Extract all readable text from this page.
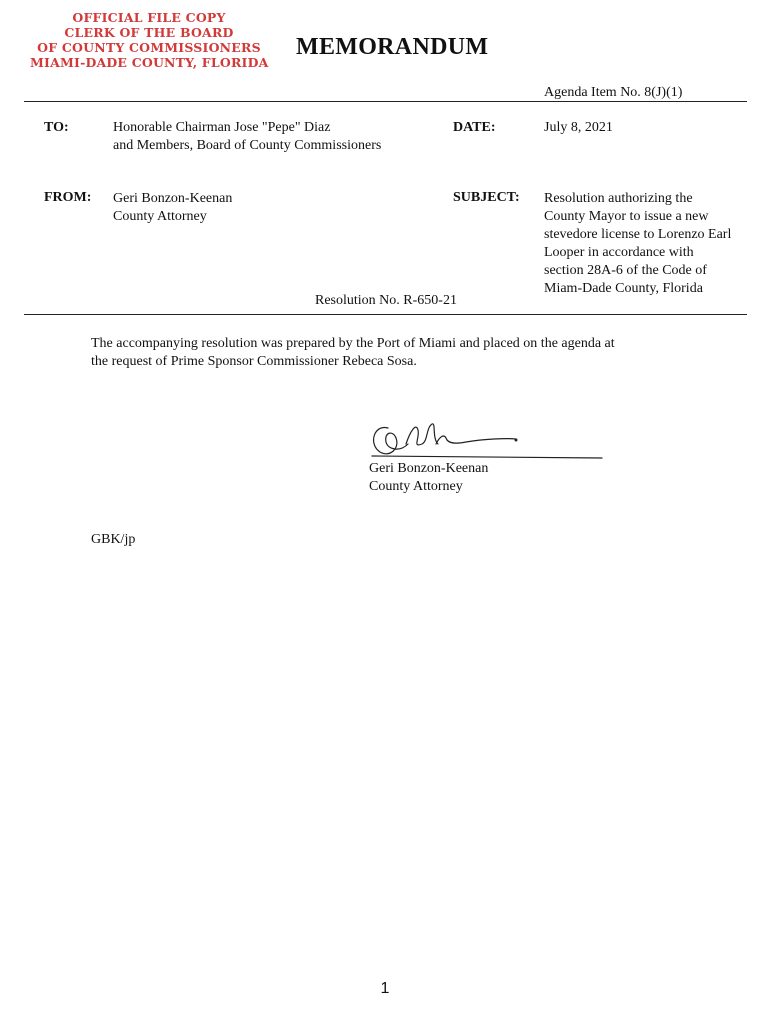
OFFICIAL FILE COPY
CLERK OF THE BOARD
OF COUNTY COMMISSIONERS
MIAMI-DADE COUNTY, FLORIDA
MEMORANDUM
Agenda Item No. 8(J)(1)
TO:	Honorable Chairman Jose "Pepe" Diaz
and Members, Board of County Commissioners
DATE:	July 8, 2021
FROM: Geri Bonzon-Keenan
County Attorney
SUBJECT: Resolution authorizing the
County Mayor to issue a new
stevedore license to Lorenzo Earl
Looper in accordance with
section 28A-6 of the Code of
Miam-Dade County, Florida
Resolution No. R-650-21
The accompanying resolution was prepared by the Port of Miami and placed on the agenda at
the request of Prime Sponsor Commissioner Rebeca Sosa.
Geri Bonzon-Keenan
County Attorney
GBK/jp
1
